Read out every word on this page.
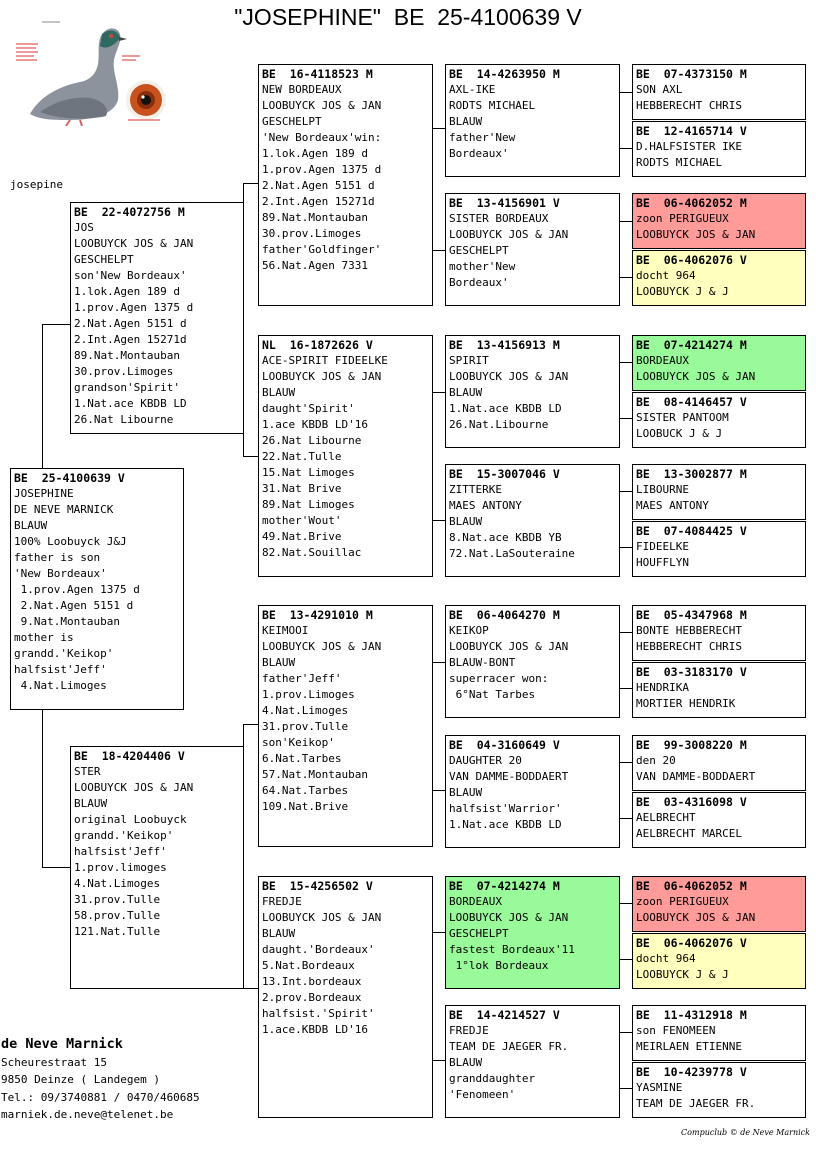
"JOSEPHINE"  BE  25-4100639 V
josepine
BE  25-4100639 V
JOSEPHINE
DE NEVE MARNICK
BLAUW
100% Loobuyck J&J
father is son
'New Bordeaux'
1.prov.Agen 1375 d
2.Nat.Agen 5151 d
9.Nat.Montauban
mother is
grandd.'Keikop'
halfsist'Jeff'
4.Nat.Limoges
BE  22-4072756 M
JOS
LOOBUYCK JOS & JAN
GESCHELPT
son'New Bordeaux'
1.lok.Agen 189 d
1.prov.Agen 1375 d
2.Nat.Agen 5151 d
2.Int.Agen 15271d
89.Nat.Montauban
30.prov.Limoges
grandson'Spirit'
1.Nat.ace KBDB LD
26.Nat Libourne
BE  18-4204406 V
STER
LOOBUYCK JOS & JAN
BLAUW
original Loobuyck
grandd.'Keikop'
halfsist'Jeff'
1.prov.limoges
4.Nat.Limoges
31.prov.Tulle
58.prov.Tulle
121.Nat.Tulle
BE  16-4118523 M
NEW BORDEAUX
LOOBUYCK JOS & JAN
GESCHELPT
'New Bordeaux'win:
1.lok.Agen 189 d
1.prov.Agen 1375 d
2.Nat.Agen 5151 d
2.Int.Agen 15271d
89.Nat.Montauban
30.prov.Limoges
father'Goldfinger'
56.Nat.Agen 7331
NL  16-1872626 V
ACE-SPIRIT FIDEELKE
LOOBUYCK JOS & JAN
BLAUW
daught'Spirit'
1.ace KBDB LD'16
26.Nat Libourne
22.Nat.Tulle
15.Nat Limoges
31.Nat Brive
89.Nat Limoges
mother'Wout'
49.Nat.Brive
82.Nat.Souillac
BE  13-4291010 M
KEIMOOI
LOOBUYCK JOS & JAN
BLAUW
father'Jeff'
1.prov.Limoges
4.Nat.Limoges
31.prov.Tulle
son'Keikop'
6.Nat.Tarbes
57.Nat.Montauban
64.Nat.Tarbes
109.Nat.Brive
BE  15-4256502 V
FREDJE
LOOBUYCK JOS & JAN
BLAUW
daught.'Bordeaux'
5.Nat.Bordeaux
13.Int.bordeaux
2.prov.Bordeaux
halfsist.'Spirit'
1.ace.KBDB LD'16
BE  14-4263950 M
AXL-IKE
RODTS MICHAEL
BLAUW
father'New
Bordeaux'
BE  13-4156901 V
SISTER BORDEAUX
LOOBUYCK JOS & JAN
GESCHELPT
mother'New
Bordeaux'
BE  13-4156913 M
SPIRIT
LOOBUYCK JOS & JAN
BLAUW
1.Nat.ace KBDB LD
26.Nat.Libourne
BE  15-3007046 V
ZITTERKE
MAES ANTONY
BLAUW
8.Nat.ace KBDB YB
72.Nat.LaSouteraine
BE  06-4064270 M
KEIKOP
LOOBUYCK JOS & JAN
BLAUW-BONT
superracer won:
6°Nat Tarbes
BE  04-3160649 V
DAUGHTER 20
VAN DAMME-BODDAERT
BLAUW
halfsist'Warrior'
1.Nat.ace KBDB LD
BE  07-4214274 M
BORDEAUX
LOOBUYCK JOS & JAN
GESCHELPT
fastest Bordeaux'11
1°lok Bordeaux
BE  14-4214527 V
FREDJE
TEAM DE JAEGER FR.
BLAUW
granddaughter
'Fenomeen'
BE  07-4373150 M
SON AXL
HEBBERECHT CHRIS
BE  12-4165714 V
D.HALFSISTER IKE
RODTS MICHAEL
BE  06-4062052 M
zoon PERIGUEUX
LOOBUYCK JOS & JAN
BE  06-4062076 V
docht 964
LOOBUYCK J & J
BE  07-4214274 M
BORDEAUX
LOOBUYCK JOS & JAN
BE  08-4146457 V
SISTER PANTOOM
LOOBUCK J & J
BE  13-3002877 M
LIBOURNE
MAES ANTONY
BE  07-4084425 V
FIDEELKE
HOUFFLYN
BE  05-4347968 M
BONTE HEBBERECHT
HEBBERECHT CHRIS
BE  03-3183170 V
HENDRIKA
MORTIER HENDRIK
BE  99-3008220 M
den 20
VAN DAMME-BODDAERT
BE  03-4316098 V
AELBRECHT
AELBRECHT MARCEL
BE  06-4062052 M
zoon PERIGUEUX
LOOBUYCK JOS & JAN
BE  06-4062076 V
docht 964
LOOBUYCK J & J
BE  11-4312918 M
son FENOMEEN
MEIRLAEN ETIENNE
BE  10-4239778 V
YASMINE
TEAM DE JAEGER FR.
de Neve Marnick
Scheurestraat 15
9850 Deinze ( Landegem )
Tel.: 09/3740881 / 0470/460685
marniek.de.neve@telenet.be
Compuclub © de Neve Marnick
